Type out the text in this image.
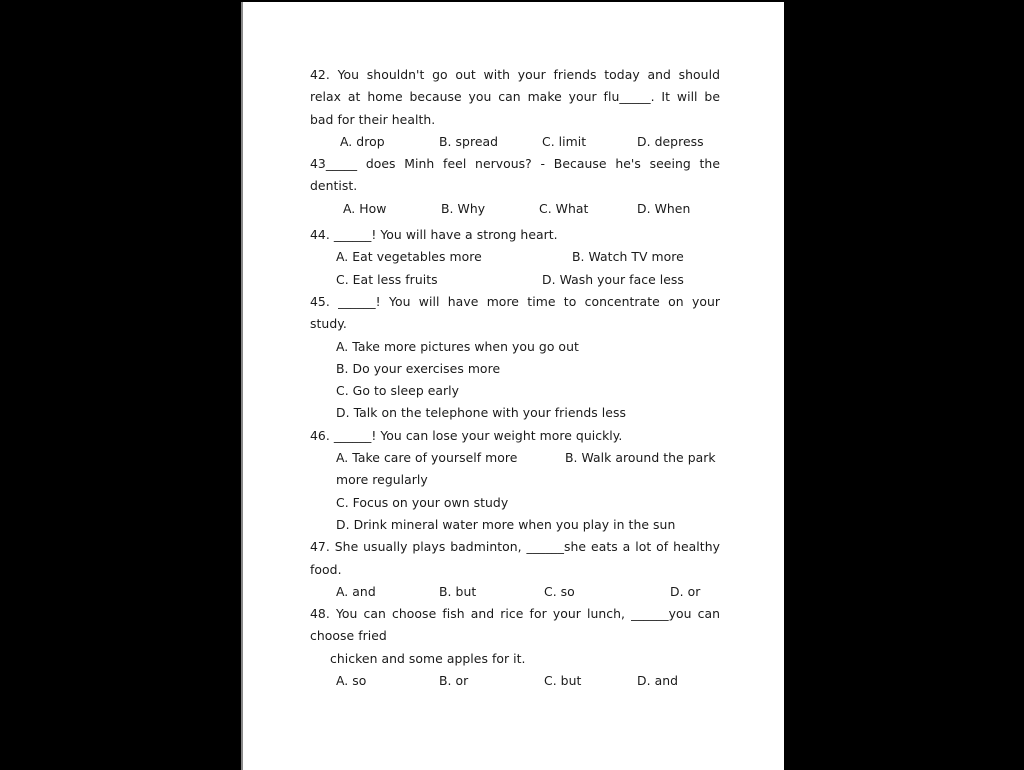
42. You shouldn't go out with your friends today and should
relax at home because you can make your flu_____. It will be
bad for their health.
A. drop	B. spread	C. limit	D. depress
43_____ does Minh feel nervous? - Because he's seeing the
dentist.
A. How	B. Why	C. What	D. When
44. ______! You will have a strong heart.
A. Eat vegetables more	B. Watch TV more
C. Eat less fruits	D. Wash your face less
45. ______! You will have more time to concentrate on your
study.
A. Take more pictures when you go out
B. Do your exercises more
C. Go to sleep early
D. Talk on the telephone with your friends less
46. ______! You can lose your weight more quickly.
A. Take care of yourself more	B. Walk around the park
more regularly
C. Focus on your own study
D. Drink mineral water more when you play in the sun
47. She usually plays badminton, ______she eats a lot of healthy
food.
A. and	B. but	C. so	D. or
48. You can choose fish and rice for your lunch, ______you can
choose fried
chicken and some apples for it.
A. so	B. or	C. but	D. and
